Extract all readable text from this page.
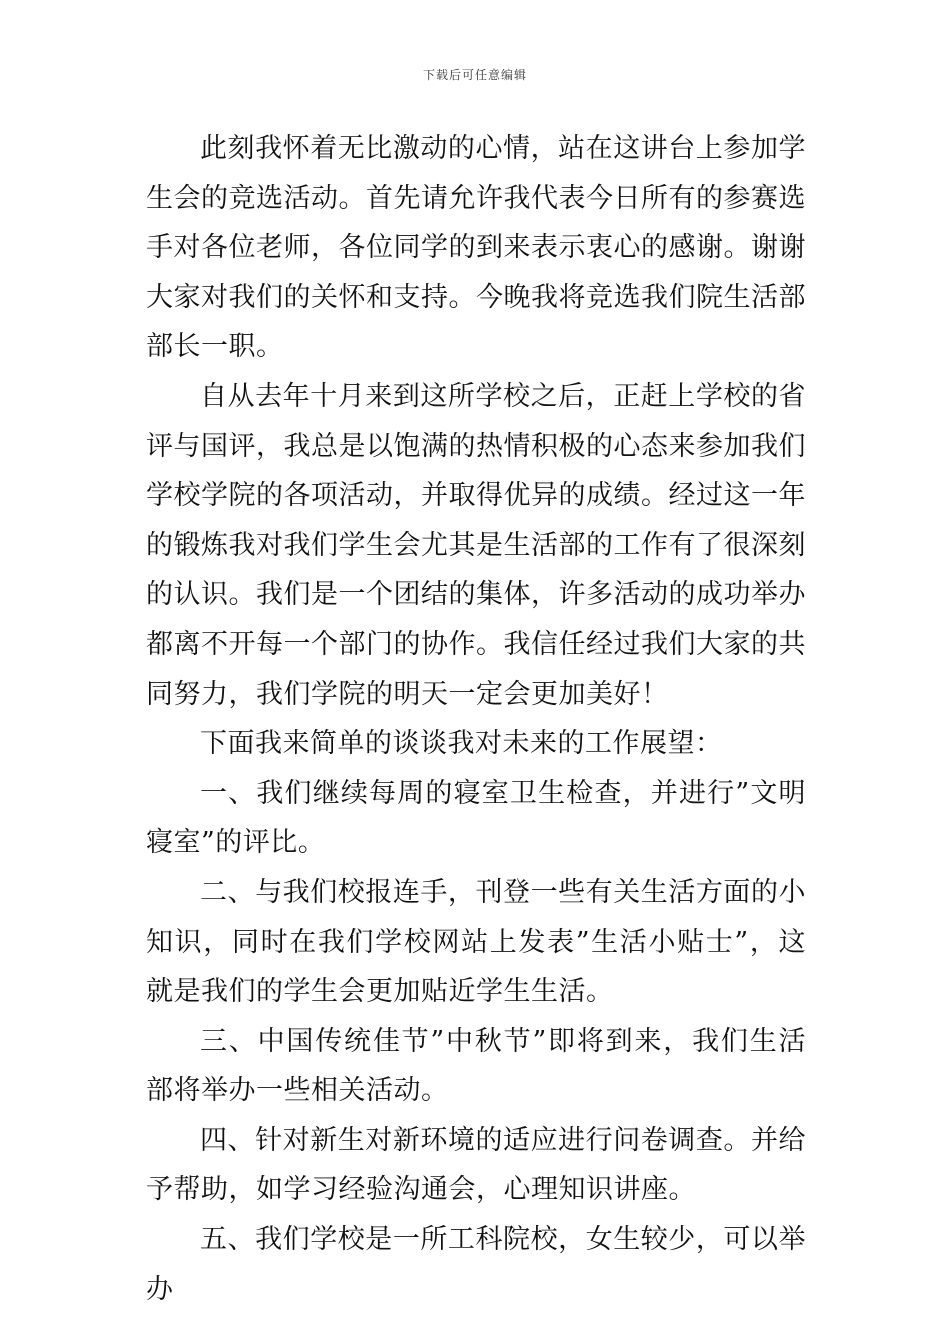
下载后可任意编辑

此刻我怀着无比激动的心情，站在这讲台上参加学生会的竞选活动。首先请允许我代表今日所有的参赛选手对各位老师，各位同学的到来表示衷心的感谢。谢谢大家对我们的关怀和支持。今晚我将竞选我们院生活部部长一职。

自从去年十月来到这所学校之后，正赶上学校的省评与国评，我总是以饱满的热情积极的心态来参加我们学校学院的各项活动，并取得优异的成绩。经过这一年的锻炼我对我们学生会尤其是生活部的工作有了很深刻的认识。我们是一个团结的集体，许多活动的成功举办都离不开每一个部门的协作。我信任经过我们大家的共同努力，我们学院的明天一定会更加美好！

下面我来简单的谈谈我对未来的工作展望：

一、我们继续每周的寝室卫生检查，并进行”文明寝室”的评比。

二、与我们校报连手，刊登一些有关生活方面的小知识，同时在我们学校网站上发表”生活小贴士”，这就是我们的学生会更加贴近学生生活。

三、中国传统佳节”中秋节”即将到来，我们生活部将举办一些相关活动。

四、针对新生对新环境的适应进行问卷调查。并给予帮助，如学习经验沟通会，心理知识讲座。

五、我们学校是一所工科院校，女生较少，可以举办
